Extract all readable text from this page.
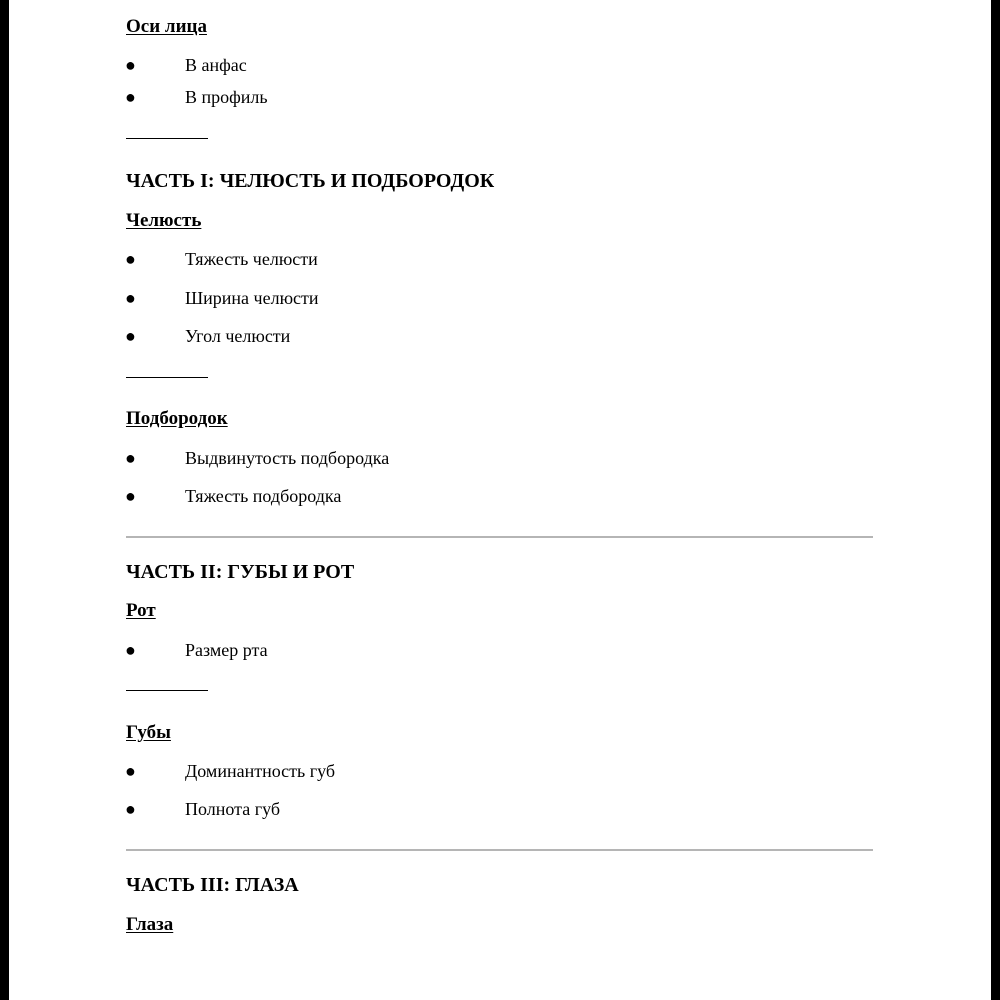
Оси лица
●	В анфас
●	В профиль
ЧАСТЬ I: ЧЕЛЮСТЬ И ПОДБОРОДОК
Челюсть
●	Тяжесть челюсти
●	Ширина челюсти
●	Угол челюсти
Подбородок
●	Выдвинутость подбородка
●	Тяжесть подбородка
ЧАСТЬ II: ГУБЫ И РОТ
Рот
●	Размер рта
Губы
●	Доминантность губ
●	Полнота губ
ЧАСТЬ III: ГЛАЗА
Глаза
